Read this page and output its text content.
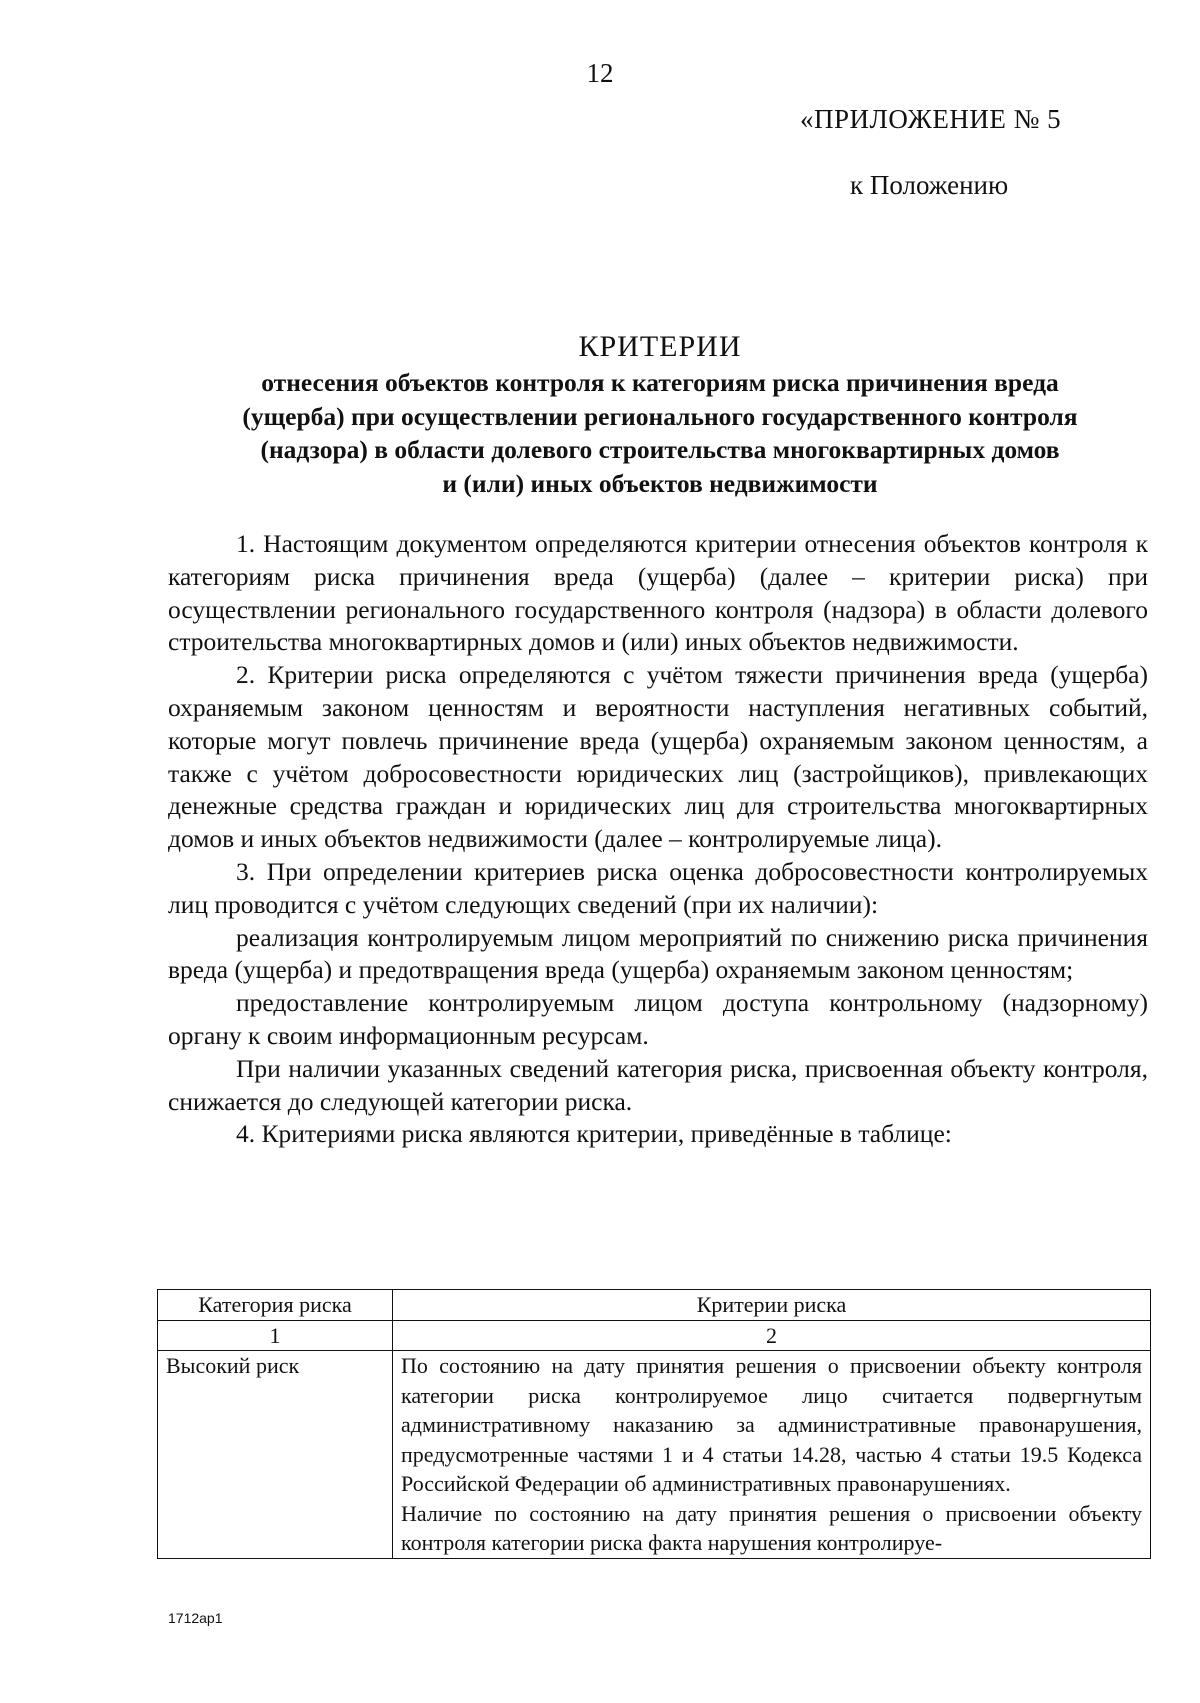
12
«ПРИЛОЖЕНИЕ № 5
к Положению
КРИТЕРИИ
отнесения объектов контроля к категориям риска причинения вреда
(ущерба) при осуществлении регионального государственного контроля
(надзора) в области долевого строительства многоквартирных домов
и (или) иных объектов недвижимости

1. Настоящим документом определяются критерии отнесения объектов контроля к категориям риска причинения вреда (ущерба) (далее – критерии риска) при осуществлении регионального государственного контроля (надзора) в области долевого строительства многоквартирных домов и (или) иных объектов недвижимости.

2. Критерии риска определяются с учётом тяжести причинения вреда (ущерба) охраняемым законом ценностям и вероятности наступления негативных событий, которые могут повлечь причинение вреда (ущерба) охраняемым законом ценностям, а также с учётом добросовестности юридических лиц (застройщиков), привлекающих денежные средства граждан и юридических лиц для строительства многоквартирных домов и иных объектов недвижимости (далее – контролируемые лица).

3. При определении критериев риска оценка добросовестности контролируемых лиц проводится с учётом следующих сведений (при их наличии):

реализация контролируемым лицом мероприятий по снижению риска причинения вреда (ущерба) и предотвращения вреда (ущерба) охраняемым законом ценностям;

предоставление контролируемым лицом доступа контрольному (надзорному) органу к своим информационным ресурсам.

При наличии указанных сведений категория риска, присвоенная объекту контроля, снижается до следующей категории риска.

4. Критериями риска являются критерии, приведённые в таблице:

Категория риска	Критерии риска
1	2
Высокий риск	По состоянию на дату принятия решения о присвоении объекту контроля категории риска контролируемое лицо считается подвергнутым административному наказанию за административные правонарушения, предусмотренные частями 1 и 4 статьи 14.28, частью 4 статьи 19.5 Кодекса Российской Федерации об административных правонарушениях.

Наличие по состоянию на дату принятия решения о присвоении объекту контроля категории риска факта нарушения контролируе-

1712ap1
